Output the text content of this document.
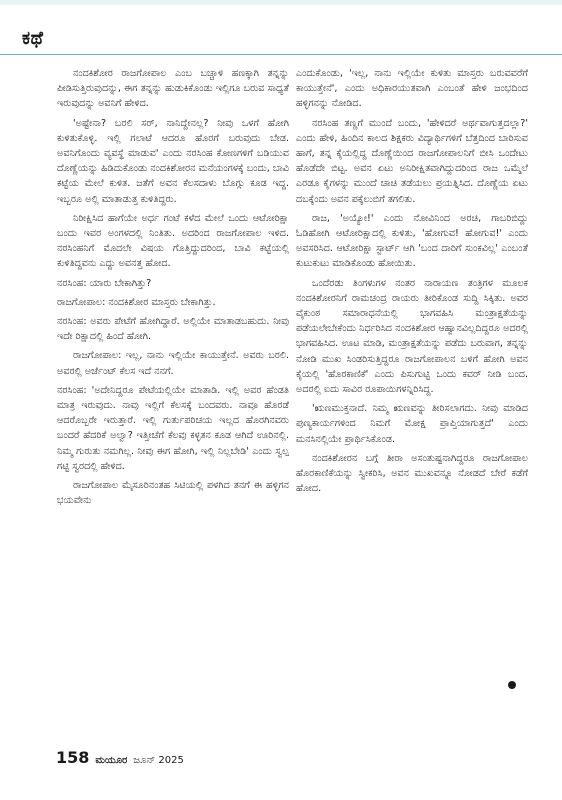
ಕಥೆ

ನಂದಕಿಶೋರ ರಾಜಗೋಪಾಲ ಎಂಬ ಬಚ್ಚಾಳಿ ಹಣಕ್ಕಾಗಿ ತನ್ನನ್ನು ಪೀಡಿಸುತ್ತಿರುವುದನ್ನು, ಈಗ ತನ್ನನ್ನು ಹುಡುಕಿಕೊಂಡು ಇಲ್ಲಿಗೂ ಬರುವ ಸಾಧ್ಯತೆ ಇರುವುದನ್ನು ಅವನಿಗೆ ಹೇಳಿದ.

'ಅಷ್ಟೇನಾ? ಬರಲಿ ಸರ್, ನಾನಿದ್ದೇನಲ್ಲ? ನೀವು ಒಳಗೆ ಹೋಗಿ ಕುಳಿತುಕೊಳ್ಳಿ. ಇಲ್ಲಿ ಗಲಾಟೆ ಆದರೂ ಹೊರಗೆ ಬರುವುದು ಬೇಡ. ಅವನಿಗೊಂದು ವ್ಯವಸ್ಥೆ ಮಾಡುವ' ಎಂದು ನರಸಿಂಹ ಕೋಣಗಳಿಗೆ ಬಡಿಯುವ ದೊಣ್ಣೆಯನ್ನು ಹಿಡಿದುಕೊಂಡು ನಂದಕಿಶೋರನ ಮನೆಯಂಗಳಕ್ಕೆ ಬಂದು, ಬಾವಿ ಕಟ್ಟೆಯ ಮೇಲೆ ಕುಳಿತ. ಜತೆಗೆ ಅವನ ಕೆಲಸದಾಳು ಬೊಗ್ಗು ಕೂಡ ಇದ್ದ. ಇಬ್ಬರೂ ಅಲ್ಲಿ ಮಾತಾಡುತ್ತ ಕುಳಿತಿದ್ದರು.

ನಿರೀಕ್ಷಿಸಿದ ಹಾಗೆಯೇ ಅರ್ಧ ಗಂಟೆ ಕಳೆದ ಮೇಲೆ ಒಂದು ಆಟೋರಿಕ್ಷಾ ಬಂದು ಇವರ ಅಂಗಳದಲ್ಲಿ ನಿಂತಿತು. ಅದರಿಂದ ರಾಜಗೋಪಾಲ ಇಳಿದ. ನರಸಿಂಹನಿಗೆ ಮೊದಲೇ ವಿಷಯ ಗೊತ್ತಿದ್ದುದರಿಂದ, ಬಾವಿ ಕಟ್ಟೆಯಲ್ಲಿ ಕುಳಿತಿದ್ದವನು ಎದ್ದು ಅವನತ್ತ ಹೋದ.

ನರಸಿಂಹ: ಯಾರು ಬೇಕಾಗಿತ್ತು?

ರಾಜಗೋಪಾಲ: ನಂದಕಿಶೋರ ಮಾಸ್ತರು ಬೇಕಾಗಿತ್ತು.

ನರಸಿಂಹ: ಅವರು ಪೇಟೆಗೆ ಹೋಗಿದ್ದಾರೆ. ಅಲ್ಲಿಯೇ ಮಾತಾಡಬಹುದು. ನೀವು ಇದೇ ರಿಕ್ಷಾದಲ್ಲಿ ಹಿಂದೆ ಹೋಗಿ.

ರಾಜಗೋಪಾಲ: ಇಲ್ಲ, ನಾನು ಇಲ್ಲಿಯೇ ಕಾಯುತ್ತೇನೆ. ಅವರು ಬರಲಿ. ಅವರಲ್ಲಿ ಅರ್ಜೆಂಟ್ ಕೆಲಸ ಇದೆ ನನಗೆ.

ನರಸಿಂಹ: 'ಅದೇನಿದ್ದರೂ ಪೇಟೆಯಲ್ಲಿಯೇ ಮಾತಾಡಿ. ಇಲ್ಲಿ ಅವರ ಹೆಂಡತಿ ಮಾತ್ರ ಇರುವುದು. ನಾವು ಇಲ್ಲಿಗೆ ಕೆಲಸಕ್ಕೆ ಬಂದವರು. ನಾವೂ ಹೊರಡೆ ಆದರೊಬ್ಬರೇ ಇರುತ್ತಾರೆ. ಇಲ್ಲಿ ಗುರ್ತುಪರಿಚಯ ಇಲ್ಲದ ಹೊರಗಿನವರು ಬಂದರೆ ಹೆದರಿಕೆ ಅಲ್ವಾ? ಇತ್ತೀಚೆಗೆ ಕೆಲವು ಕಳ್ಳತನ ಕೂಡ ಆಗಿದೆ ಊರಿನಲ್ಲಿ. ನಿಮ್ಮ ಗುರುತು ನಮಗಿಲ್ಲ. ನೀವು ಈಗ ಹೋಗಿ, ಇಲ್ಲಿ ನಿಲ್ಲಬೇಡಿ' ಎಂದು ಸ್ವಲ್ಪ ಗಟ್ಟಿ ಸ್ವರದಲ್ಲಿ ಹೇಳಿದ.

ರಾಜಗೋಪಾಲ ಮೈಸೂರಿನಂತಹ ಸಿಟಿಯಲ್ಲಿ ಪಳಗಿದ ತನಗೆ ಈ ಹಳ್ಳಿಗನ ಭಯವೇನು

ಎಂದುಕೊಂಡು, 'ಇಲ್ಲ, ನಾನು ಇಲ್ಲಿಯೇ ಕುಳಿತು ಮಾಸ್ತರು ಬರುವವರೆಗೆ ಕಾಯುತ್ತೇನೆ', ಎಂದು ಅಧಿಕಾರಯುತವಾಗಿ ಎಂಬಂತೆ ಹೇಳಿ ಜಂಭದಿಂದ ಹಳ್ಳಿಗನನ್ನು ನೋಡಿದ.

ನರಸಿಂಹ ತಣ್ಣಗೆ ಮುಂದೆ ಬಂದು, 'ಹೇಳಿದರೆ ಅರ್ಥವಾಗುತ್ತದಲ್ಲಾ?' ಎಂದು ಹೇಳಿ, ಹಿಂದಿನ ಕಾಲದ ಶಿಕ್ಷಕರು ವಿದ್ಯಾರ್ಥಿಗಳಿಗೆ ಬೆತ್ತದಿಂದ ಬಾರಿಸುವ ಹಾಗೆ, ತನ್ನ ಕೈಯಲ್ಲಿದ್ದ ದೊಣ್ಣೆಯಿಂದ ರಾಜಗೋಪಾಲನಿಗೆ ಬೀಸಿ ಒಂದೇಟು ಹೊಡೆದೇ ಬಿಟ್ಟ. ಅವನ ಏಟು ಅನಿರೀಕ್ಷಿತವಾಗಿದ್ದುದರಿಂದ ರಾಜ ಒಮ್ಮೆಲೆ ಎರಡೂ ಕೈಗಳನ್ನು ಮುಂದೆ ಚಾಚಿ ತಡೆಯಲು ಪ್ರಯತ್ನಿಸಿದ. ದೊಣ್ಣೆಯ ಏಟು ದಬಕ್ಕೆಂದು ಅವನ ಪಕ್ಕೆಲುಬಿಗೆ ತಗಲಿತು.

ರಾಜ, 'ಅಯ್ಯೋ!' ಎಂದು ನೋವಿನಿಂದ ಅರಚಿ, ಗಾಬರಿಬಿದ್ದು ಓಡಿಹೋಗಿ ಆಟೋರಿಕ್ಷಾದಲ್ಲಿ ಕುಳಿತು, 'ಹೋಗುವ! ಹೋಗುವ!' ಎಂದು ಅವಸರಿಸಿದ. ಆಟೋರಿಕ್ಷಾ ಸ್ಟಾರ್ಟ್ ಆಗಿ 'ಬಂದ ದಾರಿಗೆ ಸುಂಕವಿಲ್ಲ' ಎಂಬಂತೆ ಕುಟುಕುಟು ಮಾಡಿಕೊಂಡು ಹೋಯಿತು.

ಒಂದೆರಡು ತಿಂಗಳುಗಳ ನಂತರ ನಾರಾಯಣ ತಂತ್ರಿಗಳ ಮೂಲಕ ನಂದಕಿಶೋರನಿಗೆ ರಾಮಚಂದ್ರ ರಾಯರು ತೀರಿಕೊಂಡ ಸುದ್ದಿ ಸಿಕ್ಕಿತು. ಅವರ ವೈಕುಂಠ ಸಮಾರಾಧನೆಯಲ್ಲಿ ಭಾಗವಹಿಸಿ ಮಂತ್ರಾಕ್ಷತೆಯನ್ನು ಪಡೆಯಲೇಬೇಕೆಂದು ನಿರ್ಧರಿಸಿದ ನಂದಕಿಶೋರ ಆಹ್ವಾನವಿಲ್ಲದಿದ್ದರೂ ಅದರಲ್ಲಿ ಭಾಗವಹಿಸಿದ. ಊಟ ಮಾಡಿ, ಮಂತ್ರಾಕ್ಷತೆಯನ್ನು ಪಡೆದು ಬರುವಾಗ, ತನ್ನನ್ನು ನೋಡಿ ಮುಖ ಸಿಂಡರಿಸುತ್ತಿದ್ದರೂ ರಾಜಗೋಪಾಲನ ಬಳಿಗೆ ಹೋಗಿ ಅವನ ಕೈಯಲ್ಲಿ 'ಹೊರಕಾಣಿಕೆ' ಎಂದು ಪಿಸುಗುಟ್ಟಿ ಒಂದು ಕವರ್ ನೀಡಿ ಬಂದ. ಅದರಲ್ಲಿ ಐದು ಸಾವಿರ ರೂಪಾಯಿಗಳನ್ನಿರಿಸಿದ್ದ.

'ಋಣಮುಕ್ತನಾದೆ. ನಿಮ್ಮ ಋಣವನ್ನು ತೀರಿಸಲಾಗದು. ನೀವು ಮಾಡಿದ ಪುಣ್ಯಕಾರ್ಯಗಳಿಂದ ನಿಮಗೆ ಮೋಕ್ಷ ಪ್ರಾಪ್ತಿಯಾಗುತ್ತದೆ' ಎಂದು ಮನಸಿನಲ್ಲಿಯೇ ಪ್ರಾರ್ಥಿಸಿಕೊಂಡ.

ನಂದಕಿಶೋರನ ಬಗ್ಗೆ ತೀರಾ ಅಸಂತುಷ್ಟನಾಗಿದ್ದರೂ ರಾಜಗೋಪಾಲ ಹೊರಕಾಣಿಕೆಯನ್ನು ಸ್ವೀಕರಿಸಿ, ಅವನ ಮುಖವನ್ನೂ ನೋಡದೆ ಬೇರೆ ಕಡೆಗೆ ಹೋದ.

158 ಮಯೂರ ಜೂನ್ 2025
